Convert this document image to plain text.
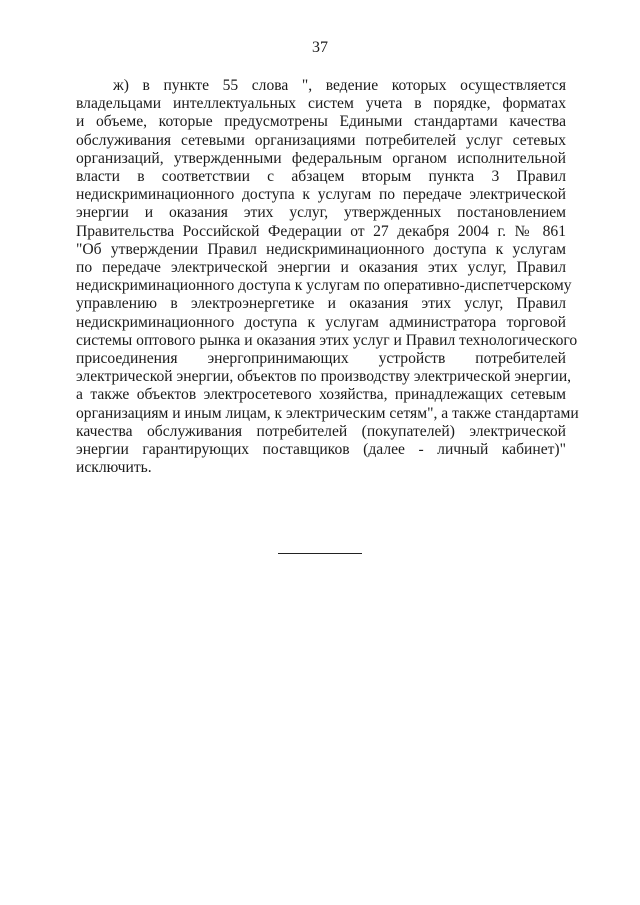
37
ж) в пункте 55 слова ", ведение которых осуществляется
владельцами интеллектуальных систем учета в порядке, форматах
и объеме, которые предусмотрены Едиными стандартами качества
обслуживания сетевыми организациями потребителей услуг сетевых
организаций, утвержденными федеральным органом исполнительной
власти в соответствии с абзацем вторым пункта 3 Правил
недискриминационного доступа к услугам по передаче электрической
энергии и оказания этих услуг, утвержденных постановлением
Правительства Российской Федерации от 27 декабря 2004 г. № 861
"Об утверждении Правил недискриминационного доступа к услугам
по передаче электрической энергии и оказания этих услуг, Правил
недискриминационного доступа к услугам по оперативно-диспетчерскому
управлению в электроэнергетике и оказания этих услуг, Правил
недискриминационного доступа к услугам администратора торговой
системы оптового рынка и оказания этих услуг и Правил технологического
присоединения энергопринимающих устройств потребителей
электрической энергии, объектов по производству электрической энергии,
а также объектов электросетевого хозяйства, принадлежащих сетевым
организациям и иным лицам, к электрическим сетям", а также стандартами
качества обслуживания потребителей (покупателей) электрической
энергии гарантирующих поставщиков (далее - личный кабинет)"
исключить.
